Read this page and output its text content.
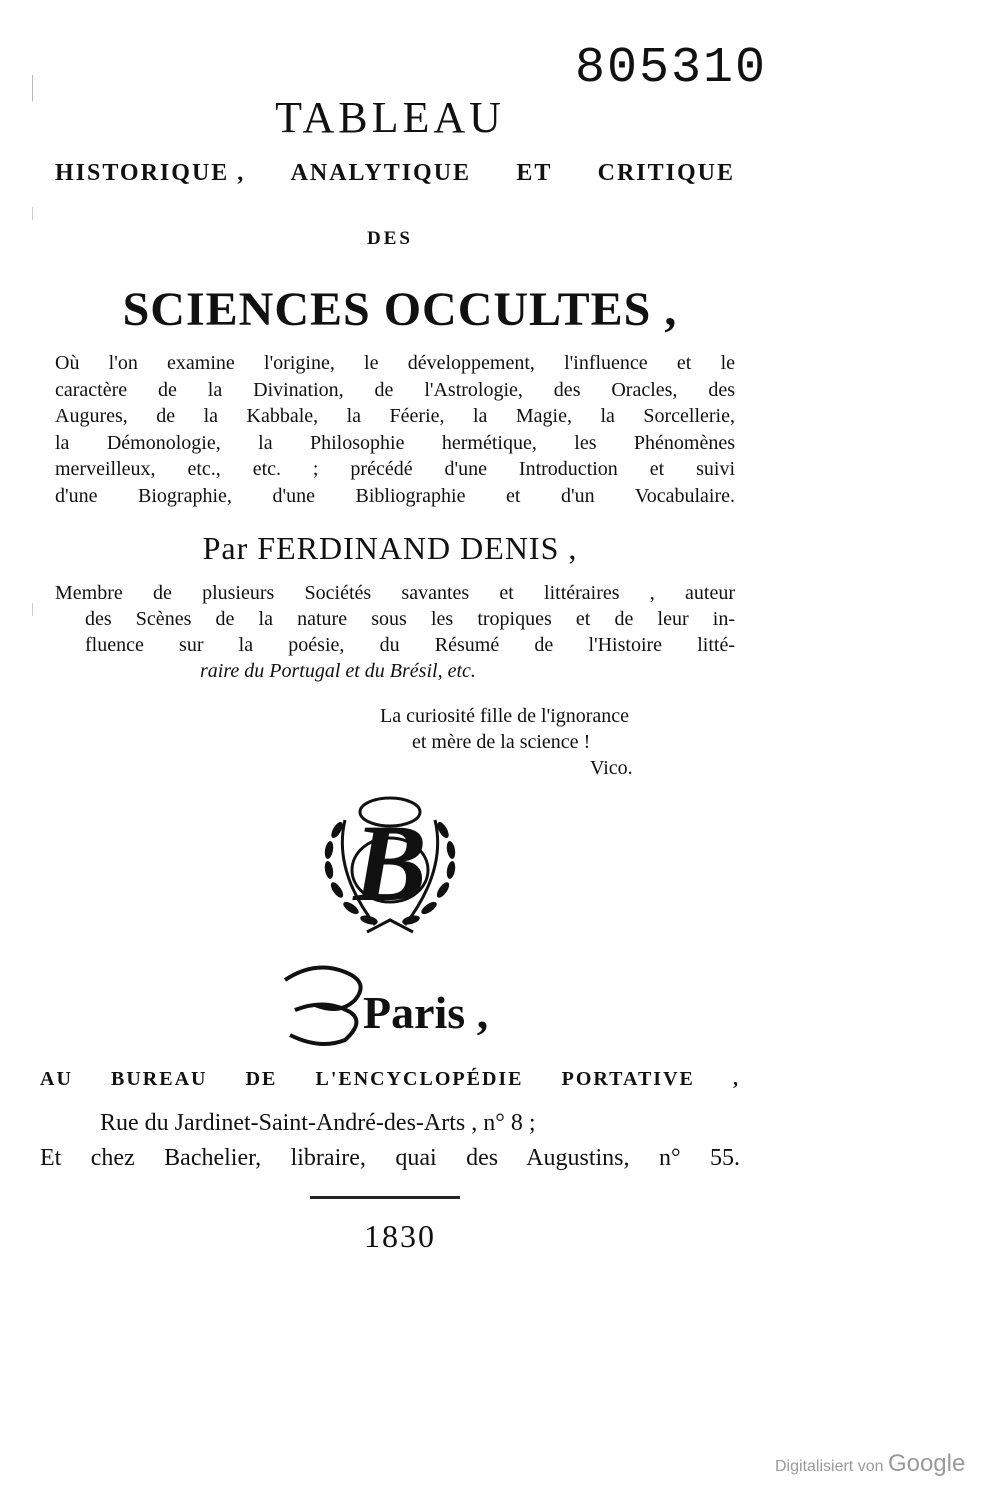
805310
TABLEAU
HISTORIQUE , ANALYTIQUE ET CRITIQUE
DES
SCIENCES OCCULTES ,
Où l'on examine l'origine, le développement, l'influence et le
caractère de la Divination, de l'Astrologie, des Oracles, des
Augures, de la Kabbale, la Féerie, la Magie, la Sorcellerie,
la Démonologie, la Philosophie hermétique, les Phénomènes
merveilleux, etc., etc. ; précédé d'une Introduction et suivi
d'une Biographie, d'une Bibliographie et d'un Vocabulaire.
Par FERDINAND DENIS ,
Membre de plusieurs Sociétés savantes et littéraires , auteur
des Scènes de la nature sous les tropiques et de leur in-
fluence sur la poésie, du Résumé de l'Histoire litté-
raire du Portugal et du Brésil, etc.
La curiosité fille de l'ignorance
et mère de la science !
Vico.
B
Paris ,
AU BUREAU DE L'ENCYCLOPÉDIE PORTATIVE ,
Rue du Jardinet-Saint-André-des-Arts , n° 8 ;
Et chez Bachelier, libraire, quai des Augustins, n° 55.
1830
Digitalisiert von Google
